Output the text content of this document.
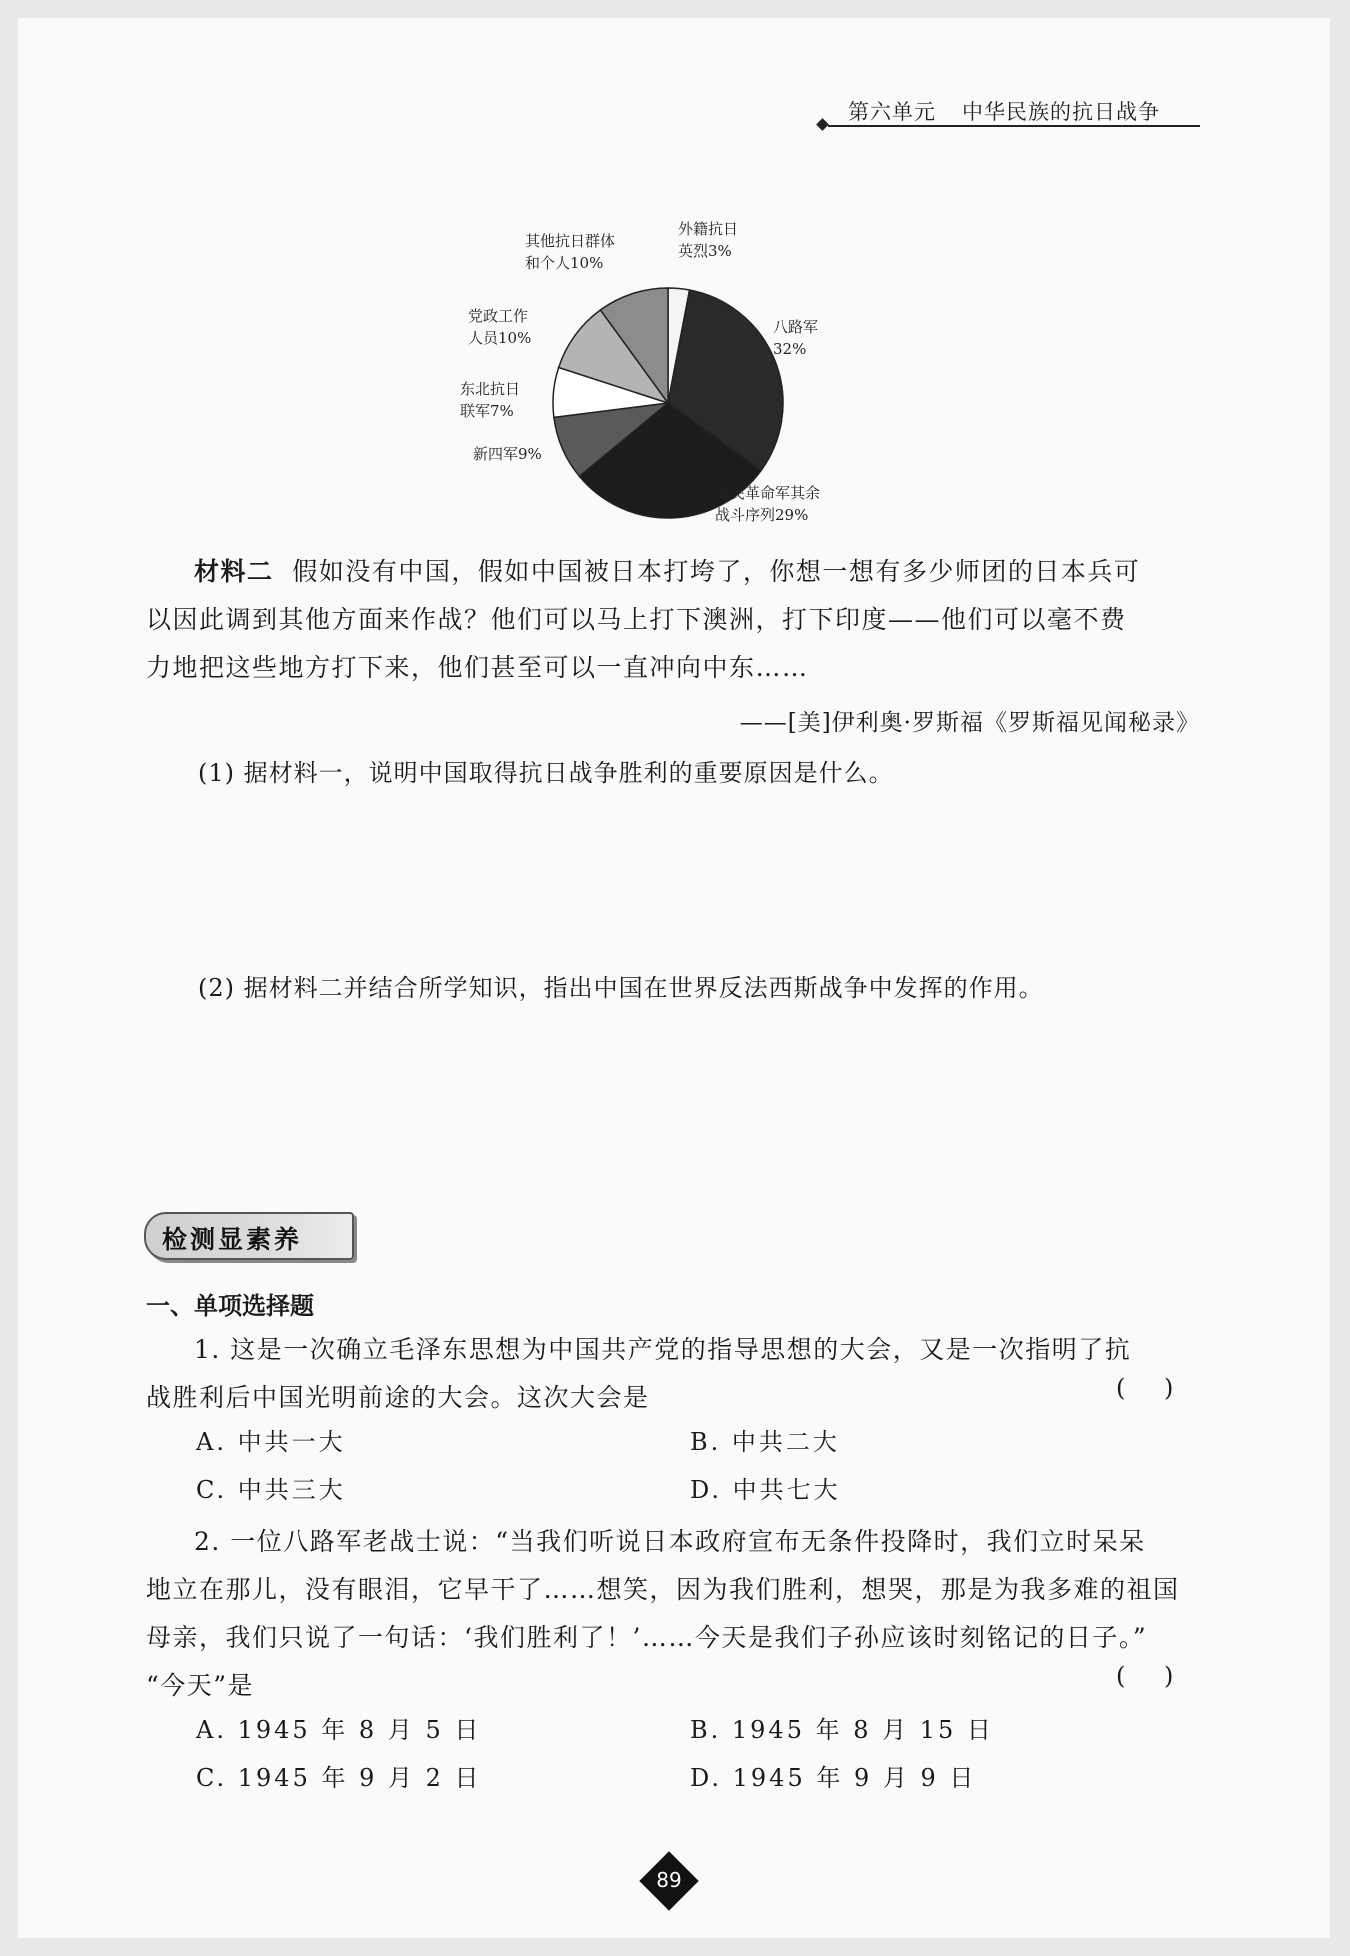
第六单元 中华民族的抗日战争
外籍抗日
英烈3%
八路军
32%
国民革命军其余
战斗序列29%
新四军9%
东北抗日
联军7%
党政工作
人员10%
其他抗日群体
和个人10%
材料二 假如没有中国，假如中国被日本打垮了，你想一想有多少师团的日本兵可
以因此调到其他方面来作战？他们可以马上打下澳洲，打下印度——他们可以毫不费
力地把这些地方打下来，他们甚至可以一直冲向中东……
——[美]伊利奥·罗斯福《罗斯福见闻秘录》
(1) 据材料一，说明中国取得抗日战争胜利的重要原因是什么。
(2) 据材料二并结合所学知识，指出中国在世界反法西斯战争中发挥的作用。
检测显素养
一、单项选择题
1. 这是一次确立毛泽东思想为中国共产党的指导思想的大会，又是一次指明了抗
战胜利后中国光明前途的大会。这次大会是	( )
A. 中共一大	B. 中共二大
C. 中共三大	D. 中共七大
2. 一位八路军老战士说：“当我们听说日本政府宣布无条件投降时，我们立时呆呆
地立在那儿，没有眼泪，它早干了……想笑，因为我们胜利，想哭，那是为我多难的祖国
母亲，我们只说了一句话：‘我们胜利了！’……今天是我们子孙应该时刻铭记的日子。”
“今天”是	( )
A. 1945 年 8 月 5 日	B. 1945 年 8 月 15 日
C. 1945 年 9 月 2 日	D. 1945 年 9 月 9 日
89
